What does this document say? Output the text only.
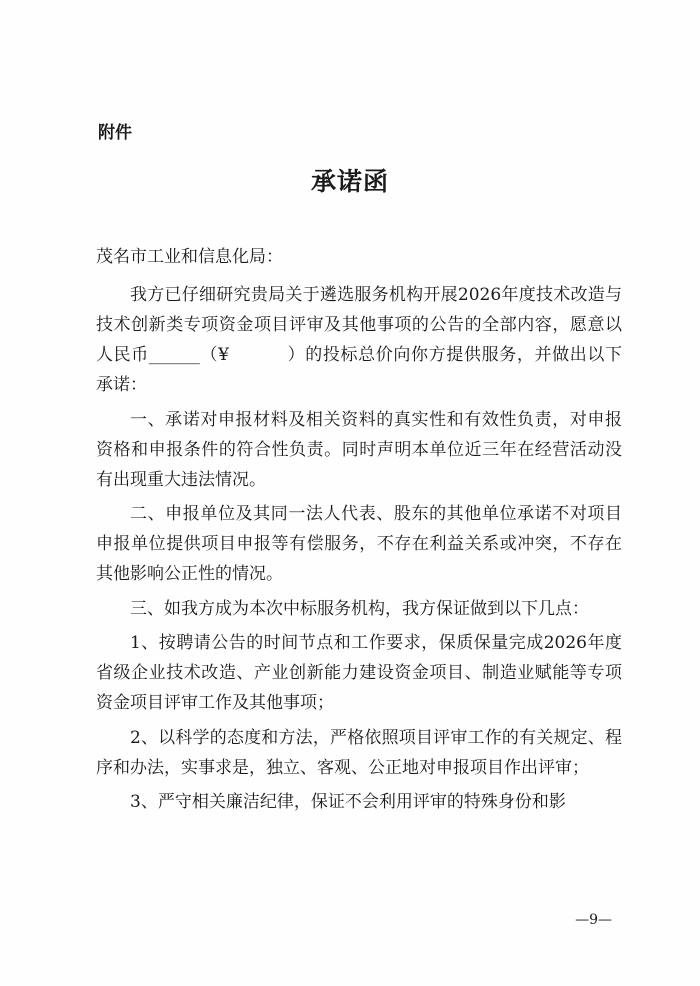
附件
承诺函
茂名市工业和信息化局：

我方已仔细研究贵局关于遴选服务机构开展2026年度技术改造与技术创新类专项资金项目评审及其他事项的公告的全部内容，愿意以人民币______（¥	）的投标总价向你方提供服务，并做出以下承诺：

一、承诺对申报材料及相关资料的真实性和有效性负责，对申报资格和申报条件的符合性负责。同时声明本单位近三年在经营活动没有出现重大违法情况。

二、申报单位及其同一法人代表、股东的其他单位承诺不对项目申报单位提供项目申报等有偿服务，不存在利益关系或冲突，不存在其他影响公正性的情况。

三、如我方成为本次中标服务机构，我方保证做到以下几点：

1、按聘请公告的时间节点和工作要求，保质保量完成2026年度省级企业技术改造、产业创新能力建设资金项目、制造业赋能等专项资金项目评审工作及其他事项；

2、以科学的态度和方法，严格依照项目评审工作的有关规定、程序和办法，实事求是，独立、客观、公正地对申报项目作出评审；

3、严守相关廉洁纪律，保证不会利用评审的特殊身份和影

—9—
